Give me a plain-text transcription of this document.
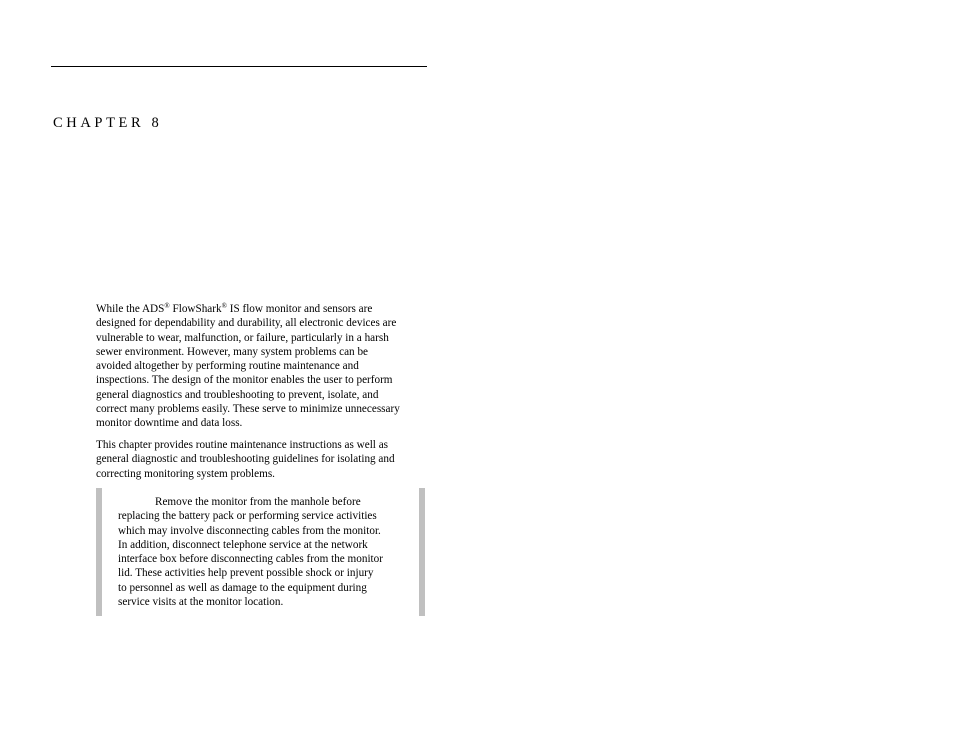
CHAPTER 8
While the ADS® FlowShark® IS flow monitor and sensors are
designed for dependability and durability, all electronic devices are
vulnerable to wear, malfunction, or failure, particularly in a harsh
sewer environment. However, many system problems can be
avoided altogether by performing routine maintenance and
inspections. The design of the monitor enables the user to perform
general diagnostics and troubleshooting to prevent, isolate, and
correct many problems easily. These serve to minimize unnecessary
monitor downtime and data loss.
This chapter provides routine maintenance instructions as well as
general diagnostic and troubleshooting guidelines for isolating and
correcting monitoring system problems.
Remove the monitor from the manhole before
replacing the battery pack or performing service activities
which may involve disconnecting cables from the monitor.
In addition, disconnect telephone service at the network
interface box before disconnecting cables from the monitor
lid. These activities help prevent possible shock or injury
to personnel as well as damage to the equipment during
service visits at the monitor location.
